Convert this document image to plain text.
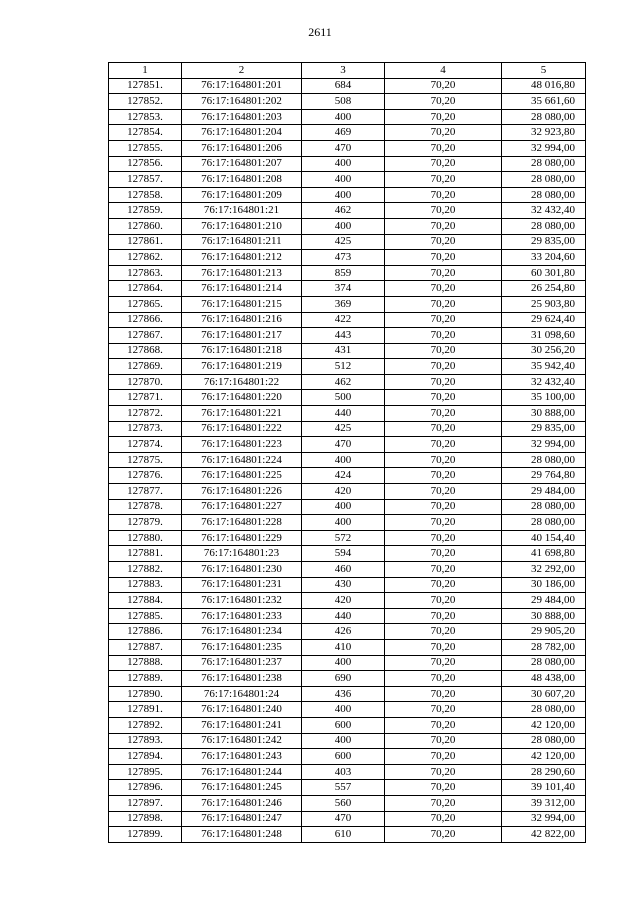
2611
1	2	3	4	5
127851.	76:17:164801:201	684	70,20	48 016,80
127852.	76:17:164801:202	508	70,20	35 661,60
127853.	76:17:164801:203	400	70,20	28 080,00
127854.	76:17:164801:204	469	70,20	32 923,80
127855.	76:17:164801:206	470	70,20	32 994,00
127856.	76:17:164801:207	400	70,20	28 080,00
127857.	76:17:164801:208	400	70,20	28 080,00
127858.	76:17:164801:209	400	70,20	28 080,00
127859.	76:17:164801:21	462	70,20	32 432,40
127860.	76:17:164801:210	400	70,20	28 080,00
127861.	76:17:164801:211	425	70,20	29 835,00
127862.	76:17:164801:212	473	70,20	33 204,60
127863.	76:17:164801:213	859	70,20	60 301,80
127864.	76:17:164801:214	374	70,20	26 254,80
127865.	76:17:164801:215	369	70,20	25 903,80
127866.	76:17:164801:216	422	70,20	29 624,40
127867.	76:17:164801:217	443	70,20	31 098,60
127868.	76:17:164801:218	431	70,20	30 256,20
127869.	76:17:164801:219	512	70,20	35 942,40
127870.	76:17:164801:22	462	70,20	32 432,40
127871.	76:17:164801:220	500	70,20	35 100,00
127872.	76:17:164801:221	440	70,20	30 888,00
127873.	76:17:164801:222	425	70,20	29 835,00
127874.	76:17:164801:223	470	70,20	32 994,00
127875.	76:17:164801:224	400	70,20	28 080,00
127876.	76:17:164801:225	424	70,20	29 764,80
127877.	76:17:164801:226	420	70,20	29 484,00
127878.	76:17:164801:227	400	70,20	28 080,00
127879.	76:17:164801:228	400	70,20	28 080,00
127880.	76:17:164801:229	572	70,20	40 154,40
127881.	76:17:164801:23	594	70,20	41 698,80
127882.	76:17:164801:230	460	70,20	32 292,00
127883.	76:17:164801:231	430	70,20	30 186,00
127884.	76:17:164801:232	420	70,20	29 484,00
127885.	76:17:164801:233	440	70,20	30 888,00
127886.	76:17:164801:234	426	70,20	29 905,20
127887.	76:17:164801:235	410	70,20	28 782,00
127888.	76:17:164801:237	400	70,20	28 080,00
127889.	76:17:164801:238	690	70,20	48 438,00
127890.	76:17:164801:24	436	70,20	30 607,20
127891.	76:17:164801:240	400	70,20	28 080,00
127892.	76:17:164801:241	600	70,20	42 120,00
127893.	76:17:164801:242	400	70,20	28 080,00
127894.	76:17:164801:243	600	70,20	42 120,00
127895.	76:17:164801:244	403	70,20	28 290,60
127896.	76:17:164801:245	557	70,20	39 101,40
127897.	76:17:164801:246	560	70,20	39 312,00
127898.	76:17:164801:247	470	70,20	32 994,00
127899.	76:17:164801:248	610	70,20	42 822,00
